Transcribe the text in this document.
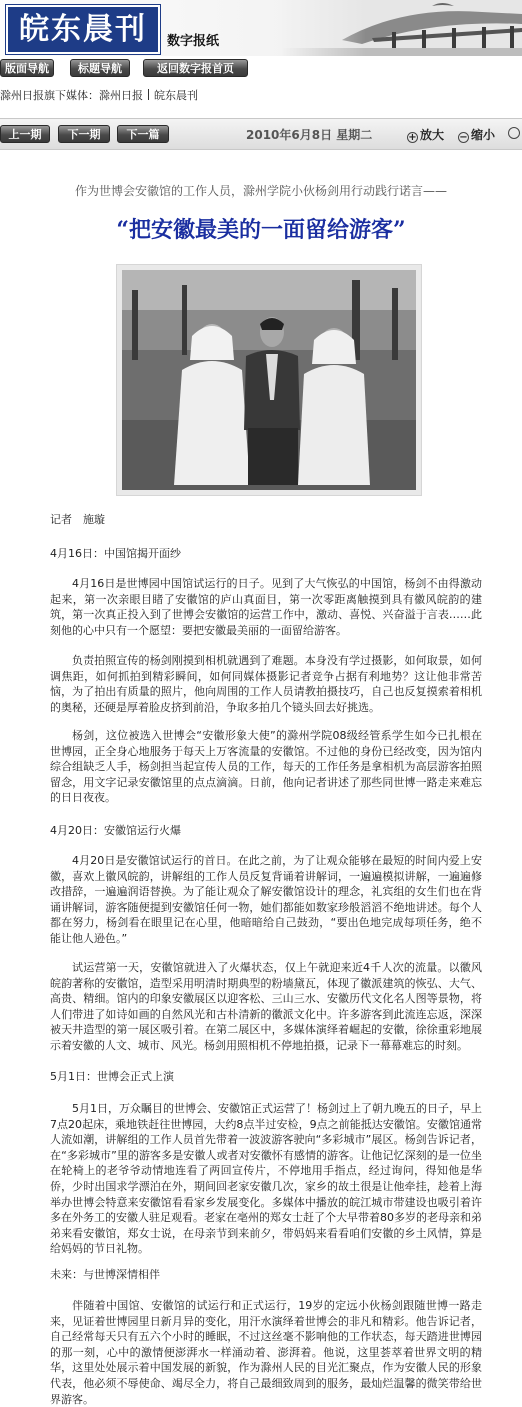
皖东晨刊	数字报纸
版面导航	标题导航	返回数字报首页
滁州日报旗下媒体：滁州日报 皖东晨刊
上一期	下一期	下一篇	2010年6月8日 星期二	+ 放大 − 缩小
作为世博会安徽馆的工作人员，滁州学院小伙杨剑用行动践行诺言——
“把安徽最美的一面留给游客”
记者　施璇
4月16日：中国馆揭开面纱

4月16日是世博园中国馆试运行的日子。见到了大气恢弘的中国馆，杨剑不由得激动起来，第一次亲眼目睹了安徽馆的庐山真面目，第一次零距离触摸到具有徽风皖韵的建筑，第一次真正投入到了世博会安徽馆的运营工作中，激动、喜悦、兴奋溢于言表……此刻他的心中只有一个愿望：要把安徽最美丽的一面留给游客。

负责拍照宣传的杨剑刚摸到相机就遇到了难题。本身没有学过摄影，如何取景，如何调焦距，如何抓拍到精彩瞬间，如何同媒体摄影记者竞争占据有利地势？这让他非常苦恼，为了拍出有质量的照片，他向周围的工作人员请教拍摄技巧，自己也反复摸索着相机的奥秘，还硬是厚着脸皮挤到前沿，争取多拍几个镜头回去好挑选。

杨剑，这位被选入世博会“安徽形象大使”的滁州学院08级经管系学生如今已扎根在世博园，正全身心地服务于每天上万客流量的安徽馆。不过他的身份已经改变，因为馆内综合组缺乏人手，杨剑担当起宣传人员的工作，每天的工作任务是拿相机为高层游客拍照留念，用文字记录安徽馆里的点点滴滴。日前，他向记者讲述了那些同世博一路走来难忘的日日夜夜。

4月20日：安徽馆运行火爆

4月20日是安徽馆试运行的首日。在此之前，为了让观众能够在最短的时间内爱上安徽，喜欢上徽风皖韵，讲解组的工作人员反复背诵着讲解词，一遍遍模拟讲解，一遍遍修改措辞，一遍遍润语替换。为了能让观众了解安徽馆设计的理念，礼宾组的女生们也在背诵讲解词，游客随便提到安徽馆任何一物，她们都能如数家珍般滔滔不绝地讲述。每个人都在努力，杨剑看在眼里记在心里，他暗暗给自己鼓劲，“要出色地完成每项任务，绝不能让他人逊色。”

试运营第一天，安徽馆就进入了火爆状态，仅上午就迎来近4千人次的流量。以徽风皖韵著称的安徽馆，造型采用明清时期典型的粉墙黛瓦，体现了徽派建筑的恢弘、大气、高贵、精细。馆内的印象安徽展区以迎客松、三山三水、安徽历代文化名人图等景物，将人们带进了如诗如画的自然风光和古朴清新的徽派文化中。许多游客到此流连忘返，深深被天井造型的第一展区吸引着。在第二展区中，多媒体演绎着崛起的安徽，徐徐重彩地展示着安徽的人文、城市、风光。杨剑用照相机不停地拍摄，记录下一幕幕难忘的时刻。

5月1日：世博会正式上演

5月1日，万众瞩目的世博会、安徽馆正式运营了！杨剑过上了朝九晚五的日子，早上7点20起床，乘地铁赶往世博园，大约8点半过安检，9点之前能抵达安徽馆。安徽馆通常人流如潮，讲解组的工作人员首先带着一波波游客驶向“多彩城市”展区。杨剑告诉记者，在“多彩城市”里的游客多是安徽人或者对安徽怀有感情的游客。让他记忆深刻的是一位坐在轮椅上的老爷爷动情地连看了两回宣传片，不停地用手指点，经过询问，得知他是华侨，少时出国求学漂泊在外，期间回老家安徽几次，家乡的故土很是让他牵挂，趁着上海举办世博会特意来安徽馆看看家乡发展变化。多媒体中播放的皖江城市带建设也吸引着许多在外务工的安徽人驻足观看。老家在亳州的郑女士赶了个大早带着80多岁的老母亲和弟弟来看安徽馆，郑女士说，在母亲节到来前夕，带妈妈来看看咱们安徽的乡土风情，算是给妈妈的节日礼物。

未来：与世博深情相伴

伴随着中国馆、安徽馆的试运行和正式运行，19岁的定远小伙杨剑跟随世博一路走来，见证着世博园里日新月异的变化，用汗水演绎着世博会的非凡和精彩。他告诉记者，自己经常每天只有五六个小时的睡眠，不过这丝毫不影响他的工作状态，每天踏进世博园的那一刻，心中的激情便澎湃水一样涌动着、澎湃着。他说，这里荟萃着世界文明的精华，这里处处展示着中国发展的新貌，作为滁州人民的目光汇聚点，作为安徽人民的形象代表，他必须不辱使命、竭尽全力，将自己最细致周到的服务，最灿烂温馨的微笑带给世界游客。
